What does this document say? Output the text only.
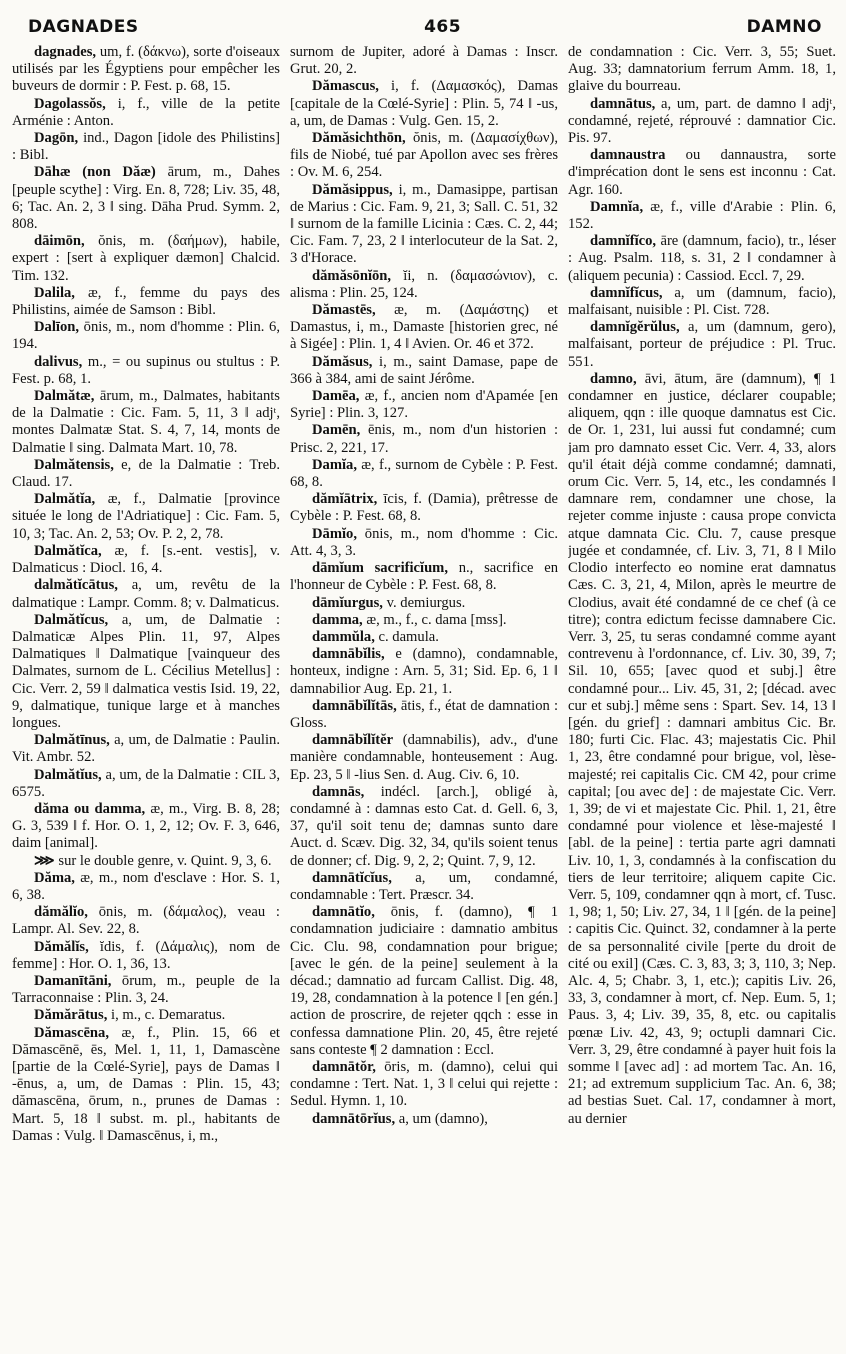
DAGNADES	465	DAMNO

dagnades, um, f. (δάκνω), sorte d'oiseaux utilisés par les Égyptiens pour empêcher les buveurs de dormir : P. Fest. p. 68, 15.

Dagolassŏs, i, f., ville de la petite Arménie : Anton.

Dagōn, ind., Dagon [idole des Philistins] : Bibl.

Dāhæ (non Dăæ) ārum, m., Dahes [peuple scythe] : Virg. En. 8, 728; Liv. 35, 48, 6; Tac. An. 2, 3 ‖ sing. Dāha Prud. Symm. 2, 808.

dāimōn, ŏnis, m. (δαήμων), habile, expert : [sert à expliquer dæmon] Chalcid. Tim. 132.

Dalila, æ, f., femme du pays des Philistins, aimée de Samson : Bibl.

Dalīon, ōnis, m., nom d'homme : Plin. 6, 194.

dalivus, m., = ou supinus ou stultus : P. Fest. p. 68, 1.

Dalmătæ, ārum, m., Dalmates, habitants de la Dalmatie : Cic. Fam. 5, 11, 3 ‖ adjᵗ, montes Dalmatæ Stat. S. 4, 7, 14, monts de Dalmatie ‖ sing. Dalmata Mart. 10, 78.

Dalmătensis, e, de la Dalmatie : Treb. Claud. 17.

Dalmătĭa, æ, f., Dalmatie [province située le long de l'Adriatique] : Cic. Fam. 5, 10, 3; Tac. An. 2, 53; Ov. P. 2, 2, 78.

Dalmătĭca, æ, f. [s.-ent. vestis], v. Dalmaticus : Diocl. 16, 4.

dalmătĭcātus, a, um, revêtu de la dalmatique : Lampr. Comm. 8; v. Dalmaticus.

Dalmătĭcus, a, um, de Dalmatie : Dalmaticæ Alpes Plin. 11, 97, Alpes Dalmatiques ‖ Dalmatique [vainqueur des Dalmates, surnom de L. Cécilius Metellus] : Cic. Verr. 2, 59 ‖ dalmatica vestis Isid. 19, 22, 9, dalmatique, tunique large et à manches longues.

Dalmătīnus, a, um, de Dalmatie : Paulin. Vit. Ambr. 52.

Dalmătĭus, a, um, de la Dalmatie : CIL 3, 6575.

dăma ou damma, æ, m., Virg. B. 8, 28; G. 3, 539 ‖ f. Hor. O. 1, 2, 12; Ov. F. 3, 646, daim [animal].

⋙ sur le double genre, v. Quint. 9, 3, 6.

Dăma, æ, m., nom d'esclave : Hor. S. 1, 6, 38.

dămălĭo, ōnis, m. (δάμαλος), veau : Lampr. Al. Sev. 22, 8.

Dămălĭs, ĭdis, f. (Δάμαλις), nom de femme] : Hor. O. 1, 36, 13.

Damanītāni, ōrum, m., peuple de la Tarraconnaise : Plin. 3, 24.

Dămărātus, i, m., c. Demaratus.

Dămascēna, æ, f., Plin. 15, 66 et Dămascēnē, ēs, Mel. 1, 11, 1, Damascène [partie de la Cœlé-Syrie], pays de Damas ‖ -ēnus, a, um, de Damas : Plin. 15, 43; dămascēna, ōrum, n., prunes de Damas : Mart. 5, 18 ‖ subst. m. pl., habitants de Damas : Vulg. ‖ Damascēnus, i, m.,

surnom de Jupiter, adoré à Damas : Inscr. Grut. 20, 2.

Dămascus, i, f. (Δαμασκός), Damas [capitale de la Cœlé-Syrie] : Plin. 5, 74 ‖ -us, a, um, de Damas : Vulg. Gen. 15, 2.

Dămăsichthōn, ŏnis, m. (Δαμασίχθων), fils de Niobé, tué par Apollon avec ses frères : Ov. M. 6, 254.

Dămăsippus, i, m., Damasippe, partisan de Marius : Cic. Fam. 9, 21, 3; Sall. C. 51, 32 ‖ surnom de la famille Licinia : Cæs. C. 2, 44; Cic. Fam. 7, 23, 2 ‖ interlocuteur de la Sat. 2, 3 d'Horace.

dămăsōnĭōn, ĭi, n. (δαμασώνιον), c. alisma : Plin. 25, 124.

Dămastēs, æ, m. (Δαμάστης) et Damastus, i, m., Damaste [historien grec, né à Sigée] : Plin. 1, 4 ‖ Avien. Or. 46 et 372.

Dămăsus, i, m., saint Damase, pape de 366 à 384, ami de saint Jérôme.

Damēa, æ, f., ancien nom d'Apamée [en Syrie] : Plin. 3, 127.

Damēn, ēnis, m., nom d'un historien : Prisc. 2, 221, 17.

Damĭa, æ, f., surnom de Cybèle : P. Fest. 68, 8.

dămĭātrix, īcis, f. (Damia), prêtresse de Cybèle : P. Fest. 68, 8.

Dāmĭo, ōnis, m., nom d'homme : Cic. Att. 4, 3, 3.

dāmĭum sacrificĭum, n., sacrifice en l'honneur de Cybèle : P. Fest. 68, 8.

dāmĭurgus, v. demiurgus.

damma, æ, m., f., c. dama [mss].

dammŭla, c. damula.

damnābĭlis, e (damno), condamnable, honteux, indigne : Arn. 5, 31; Sid. Ep. 6, 1 ‖ damnabilior Aug. Ep. 21, 1.

damnābĭlĭtās, ātis, f., état de damnation : Gloss.

damnābĭlĭtĕr (damnabilis), adv., d'une manière condamnable, honteusement : Aug. Ep. 23, 5 ‖ -lius Sen. d. Aug. Civ. 6, 10.

damnās, indécl. [arch.], obligé à, condamné à : damnas esto Cat. d. Gell. 6, 3, 37, qu'il soit tenu de; damnas sunto dare Auct. d. Scæv. Dig. 32, 34, qu'ils soient tenus de donner; cf. Dig. 9, 2, 2; Quint. 7, 9, 12.

damnātĭcĭus, a, um, condamné, condamnable : Tert. Præscr. 34.

damnātĭo, ōnis, f. (damno), ¶ 1 condamnation judiciaire : damnatio ambitus Cic. Clu. 98, condamnation pour brigue; [avec le gén. de la peine] seulement à la décad.; damnatio ad furcam Callist. Dig. 48, 19, 28, condamnation à la potence ‖ [en gén.] action de proscrire, de rejeter qqch : esse in confessa damnatione Plin. 20, 45, être rejeté sans conteste ¶ 2 damnation : Eccl.

damnātŏr, ōris, m. (damno), celui qui condamne : Tert. Nat. 1, 3 ‖ celui qui rejette : Sedul. Hymn. 1, 10.

damnātōrĭus, a, um (damno),

de condamnation : Cic. Verr. 3, 55; Suet. Aug. 33; damnatorium ferrum Amm. 18, 1, glaive du bourreau.

damnātus, a, um, part. de damno ‖ adjᵗ, condamné, rejeté, réprouvé : damnatior Cic. Pis. 97.

damnaustra ou dannaustra, sorte d'imprécation dont le sens est inconnu : Cat. Agr. 160.

Damnĭa, æ, f., ville d'Arabie : Plin. 6, 152.

damnĭfĭco, āre (damnum, facio), tr., léser : Aug. Psalm. 118, s. 31, 2 ‖ condamner à (aliquem pecunia) : Cassiod. Eccl. 7, 29.

damnĭfĭcus, a, um (damnum, facio), malfaisant, nuisible : Pl. Cist. 728.

damnĭgĕrŭlus, a, um (damnum, gero), malfaisant, porteur de préjudice : Pl. Truc. 551.

damno, āvi, ātum, āre (damnum), ¶ 1 condamner en justice, déclarer coupable; aliquem, qqn : ille quoque damnatus est Cic. de Or. 1, 231, lui aussi fut condamné; cum jam pro damnato esset Cic. Verr. 4, 33, alors qu'il était déjà comme condamné; damnati, orum Cic. Verr. 5, 14, etc., les condamnés ‖ damnare rem, condamner une chose, la rejeter comme injuste : causa prope convicta atque damnata Cic. Clu. 7, cause presque jugée et condamnée, cf. Liv. 3, 71, 8 ‖ Milo Clodio interfecto eo nomine erat damnatus Cæs. C. 3, 21, 4, Milon, après le meurtre de Clodius, avait été condamné de ce chef (à ce titre); contra edictum fecisse damnabere Cic. Verr. 3, 25, tu seras condamné comme ayant contrevenu à l'ordonnance, cf. Liv. 30, 39, 7; Sil. 10, 655; [avec quod et subj.] être condamné pour... Liv. 45, 31, 2; [décad. avec cur et subj.] même sens : Spart. Sev. 14, 13 ‖ [gén. du grief] : damnari ambitus Cic. Br. 180; furti Cic. Flac. 43; majestatis Cic. Phil 1, 23, être condamné pour brigue, vol, lèse-majesté; rei capitalis Cic. CM 42, pour crime capital; [ou avec de] : de majestate Cic. Verr. 1, 39; de vi et majestate Cic. Phil. 1, 21, être condamné pour violence et lèse-majesté ‖ [abl. de la peine] : tertia parte agri damnati Liv. 10, 1, 3, condamnés à la confiscation du tiers de leur territoire; aliquem capite Cic. Verr. 5, 109, condamner qqn à mort, cf. Tusc. 1, 98; 1, 50; Liv. 27, 34, 1 ‖ [gén. de la peine] : capitis Cic. Quinct. 32, condamner à la perte de sa personnalité civile [perte du droit de cité ou exil] (Cæs. C. 3, 83, 3; 3, 110, 3; Nep. Alc. 4, 5; Chabr. 3, 1, etc.); capitis Liv. 26, 33, 3, condamner à mort, cf. Nep. Eum. 5, 1; Paus. 3, 4; Liv. 39, 35, 8, etc. ou capitalis pœnæ Liv. 42, 43, 9; octupli damnari Cic. Verr. 3, 29, être condamné à payer huit fois la somme ‖ [avec ad] : ad mortem Tac. An. 16, 21; ad extremum supplicium Tac. An. 6, 38; ad bestias Suet. Cal. 17, condamner à mort, au dernier
